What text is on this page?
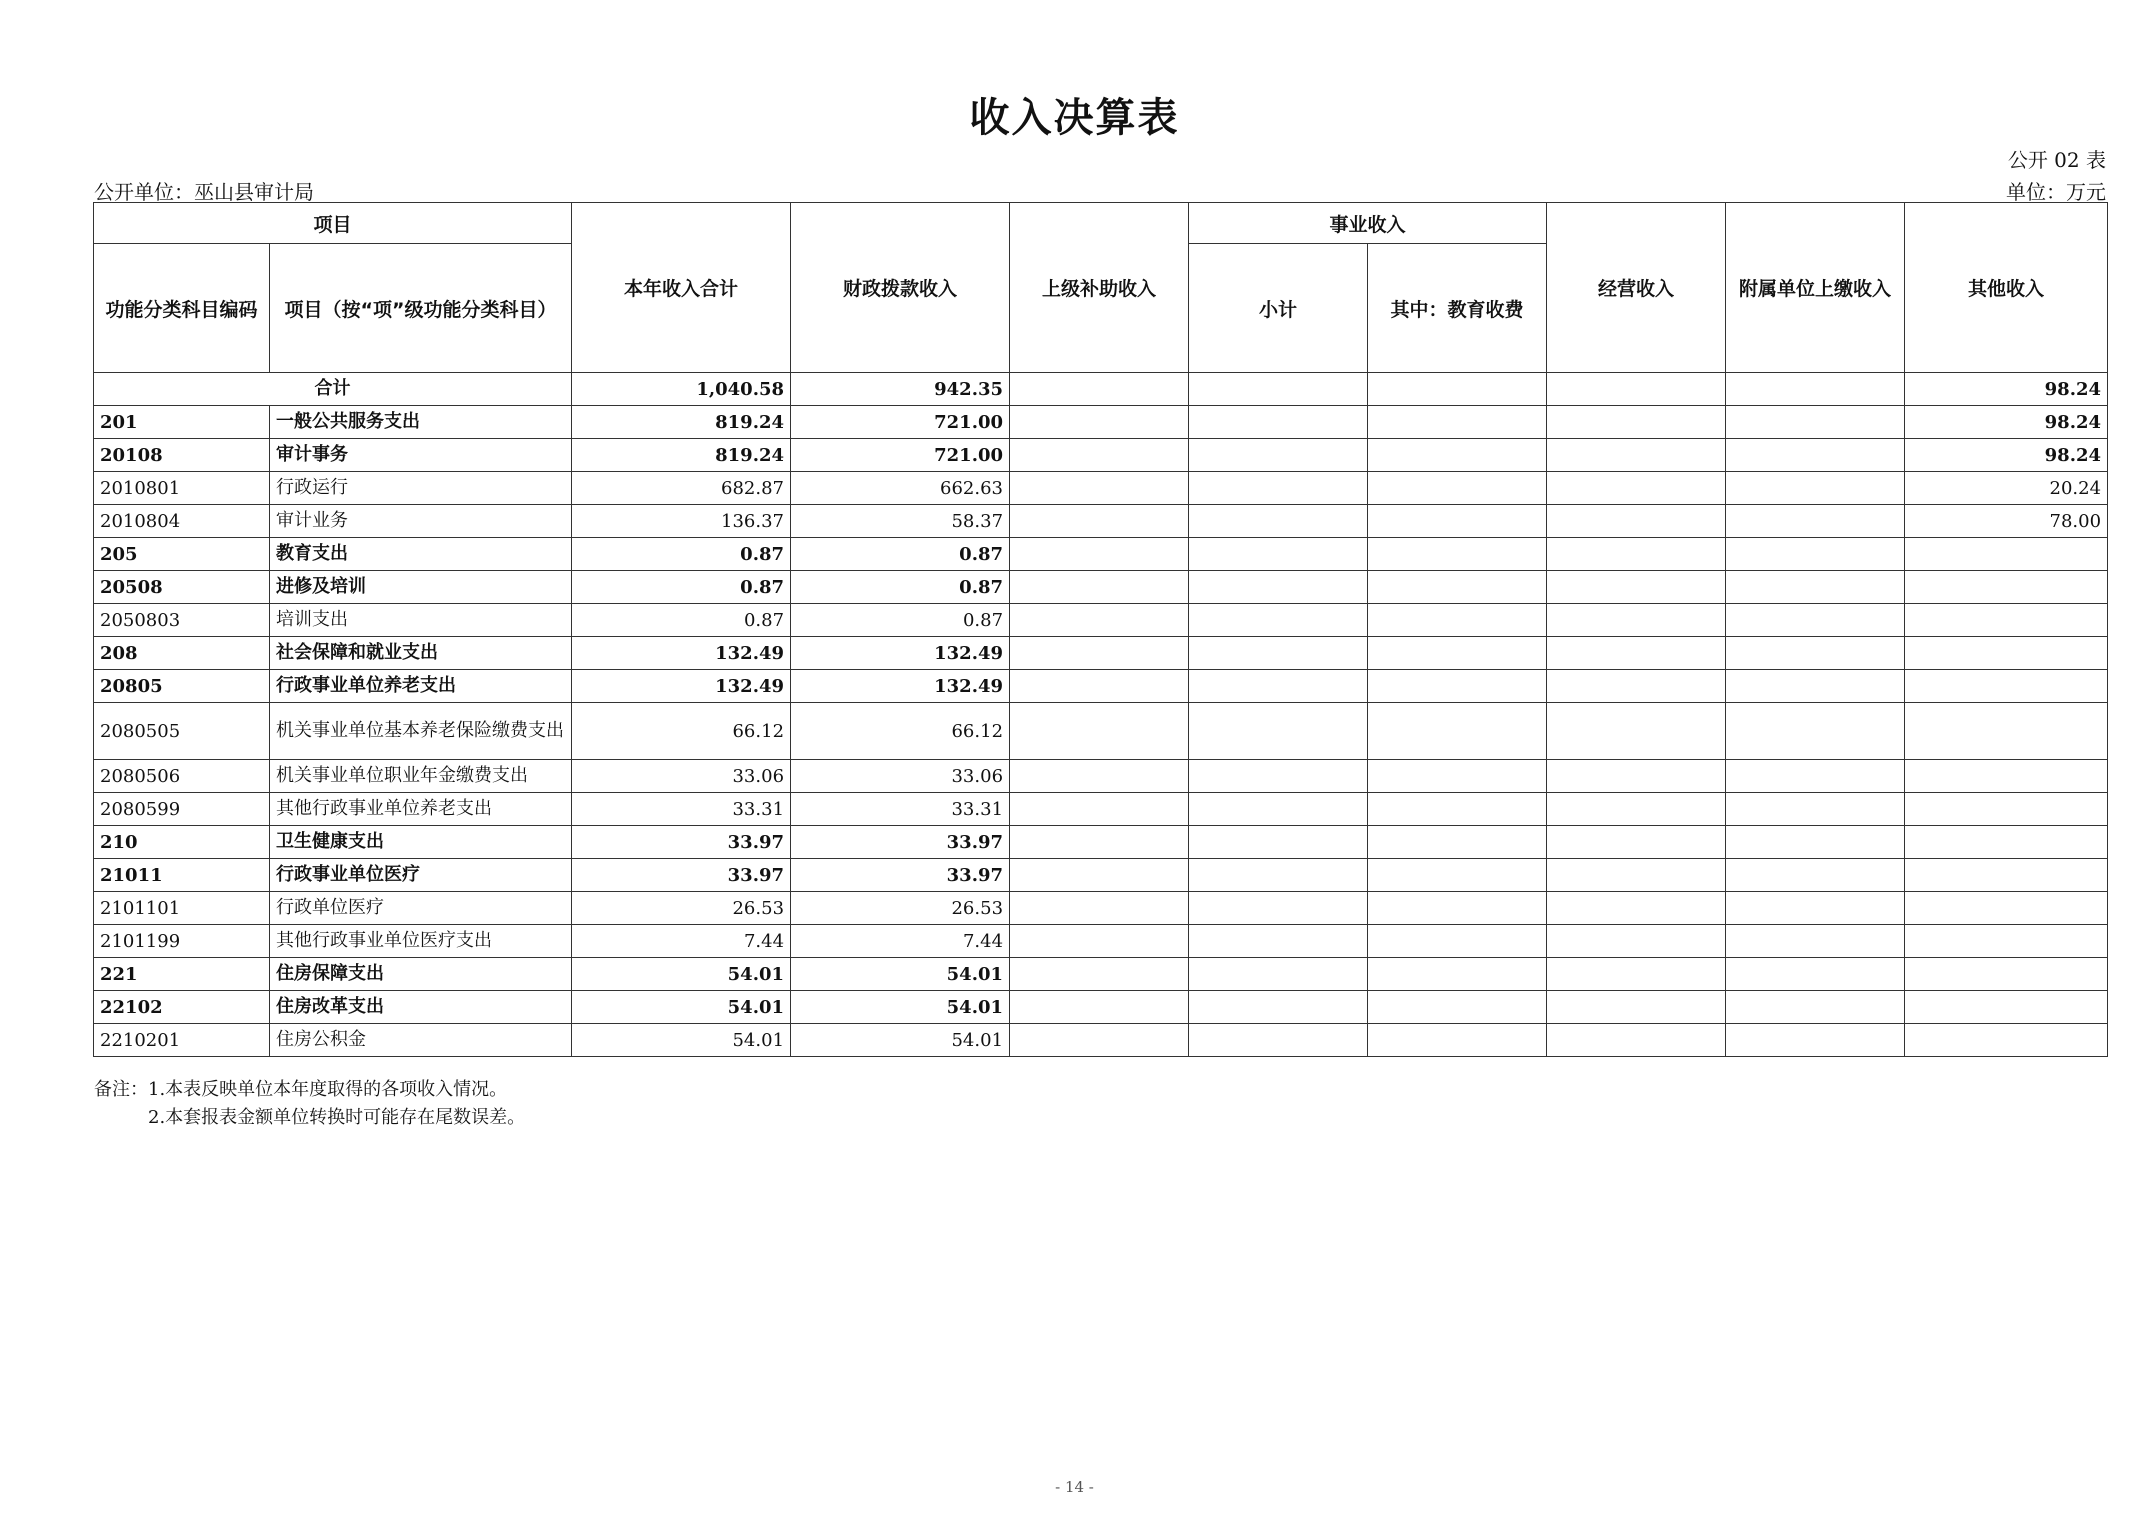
收入决算表
公开 02 表
公开单位：巫山县审计局	单位：万元
项目		本年收入合计	财政拨款收入	上级补助收入	事业收入		经营收入	附属单位上缴收入	其他收入
功能分类科目编码	项目（按“项”级功能分类科目）				小计	其中：教育收费			
合计		1,040.58	942.35						98.24
201	一般公共服务支出	819.24	721.00						98.24
20108	审计事务	819.24	721.00						98.24
2010801	行政运行	682.87	662.63						20.24
2010804	审计业务	136.37	58.37						78.00
205	教育支出	0.87	0.87						
20508	进修及培训	0.87	0.87						
2050803	培训支出	0.87	0.87						
208	社会保障和就业支出	132.49	132.49						
20805	行政事业单位养老支出	132.49	132.49						
2080505	机关事业单位基本养老保险缴费支出	66.12	66.12						
2080506	机关事业单位职业年金缴费支出	33.06	33.06						
2080599	其他行政事业单位养老支出	33.31	33.31						
210	卫生健康支出	33.97	33.97						
21011	行政事业单位医疗	33.97	33.97						
2101101	行政单位医疗	26.53	26.53						
2101199	其他行政事业单位医疗支出	7.44	7.44						
221	住房保障支出	54.01	54.01						
22102	住房改革支出	54.01	54.01						
2210201	住房公积金	54.01	54.01						
备注：1.本表反映单位本年度取得的各项收入情况。
2.本套报表金额单位转换时可能存在尾数误差。
- 14 -
